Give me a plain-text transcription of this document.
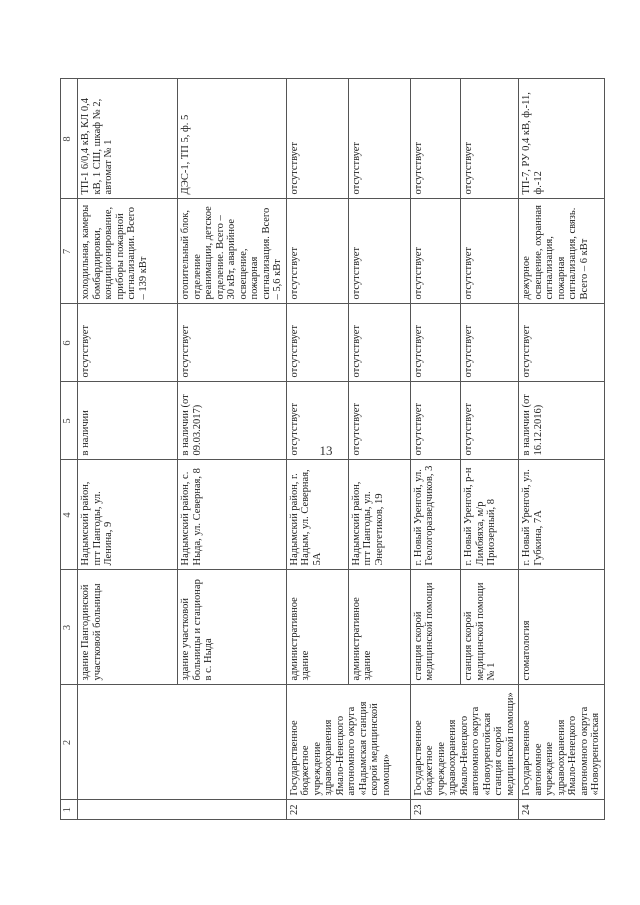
13
1	2	3	4	5	6	7	8
		здание Пангодинской участковой больницы	Надымский район, пгт Пангоды, ул. Ленина, 9	в наличии	отсутствует	холодильная, камеры бомбардировки, кондиционирование, приборы пожарной сигнализации. Всего – 139 кВт	ТП-1 6/0,4 кВ, КЛ 0,4 кВ, 1 СШ, шкаф № 2, автомат № 1
		здание участковой больницы и стационар в с. Ныда	Надымский район, с. Ныда, ул. Северная, 8	в наличии (от 09.03.2017)	отсутствует	отопительный блок, отделение реанимации, детское отделение. Всего – 30 кВт, аварийное освещение, пожарная сигнализация. Всего – 5,6 кВт	ДЭС-1, ТП 5, ф. 5
22	Государственное бюджетное учреждение здравоохранения Ямало-Ненецкого автономного округа «Надымская станция скорой медицинской помощи»	административное здание	Надымский район, г. Надым, ул. Северная, 5А	отсутствует	отсутствует	отсутствует	отсутствует
		административное здание	Надымский район, пгт Пангоды, ул. Энергетиков, 19	отсутствует	отсутствует	отсутствует	отсутствует
23	Государственное бюджетное учреждение здравоохранения Ямало-Ненецкого автономного округа «Новоуренгойская станция скорой медицинской помощи»	станция скорой медицинской помощи	г. Новый Уренгой, ул. Геологоразведчиков, 3	отсутствует	отсутствует	отсутствует	отсутствует
		станция скорой медицинской помощи № 1	г. Новый Уренгой, р-н Лимбяяха, м/р Приозерный, 8	отсутствует	отсутствует	отсутствует	отсутствует
24	Государственное автономное учреждение здравоохранения Ямало-Ненецкого автономного округа «Новоуренгойская	стоматология	г. Новый Уренгой, ул. Губкина, 7А	в наличии (от 16.12.2016)	отсутствует	дежурное освещение, охранная сигнализация, пожарная сигнализация, связь. Всего – 6 кВт	ТП-7, РУ 0,4 кВ, ф.-11, ф.-12
